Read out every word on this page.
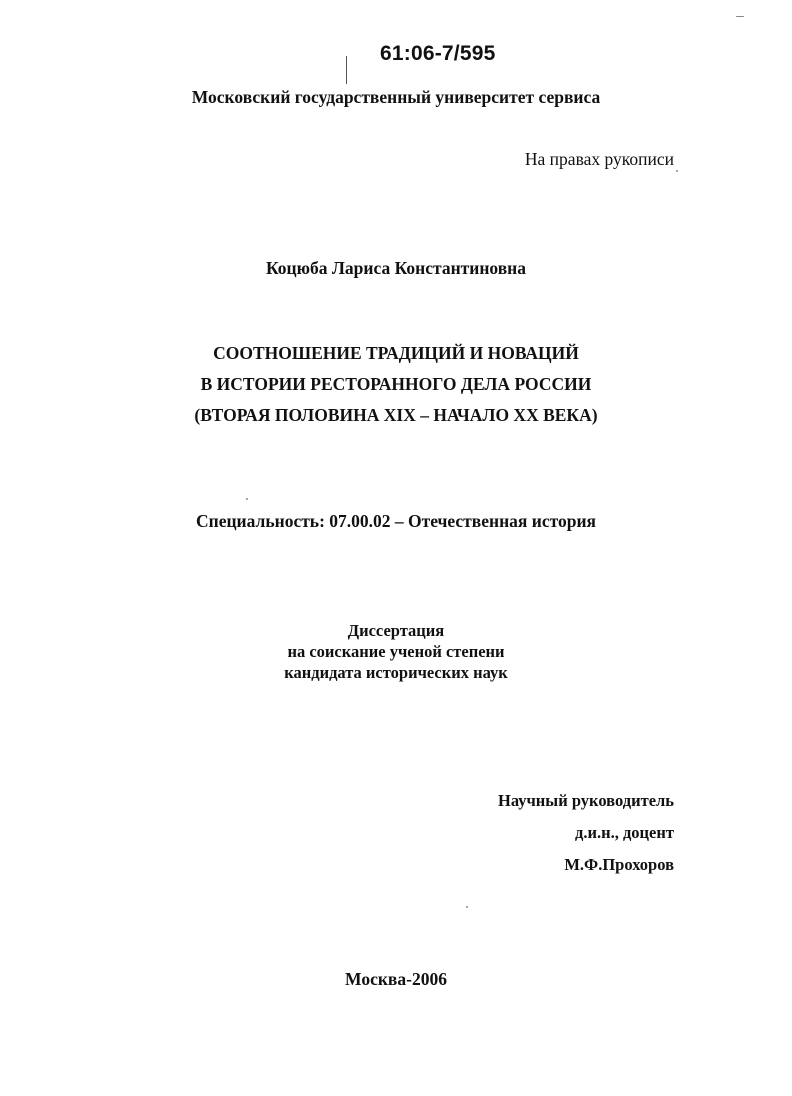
61:06-7/595
Московский государственный университет сервиса
На правах рукописи
Коцюба Лариса Константиновна
СООТНОШЕНИЕ ТРАДИЦИЙ И НОВАЦИЙ
В ИСТОРИИ РЕСТОРАННОГО ДЕЛА РОССИИ
(ВТОРАЯ ПОЛОВИНА XIX – НАЧАЛО XX ВЕКА)
Специальность: 07.00.02 – Отечественная история
Диссертация
на соискание ученой степени
кандидата исторических наук
Научный руководитель
д.и.н., доцент
М.Ф.Прохоров
Москва-2006
